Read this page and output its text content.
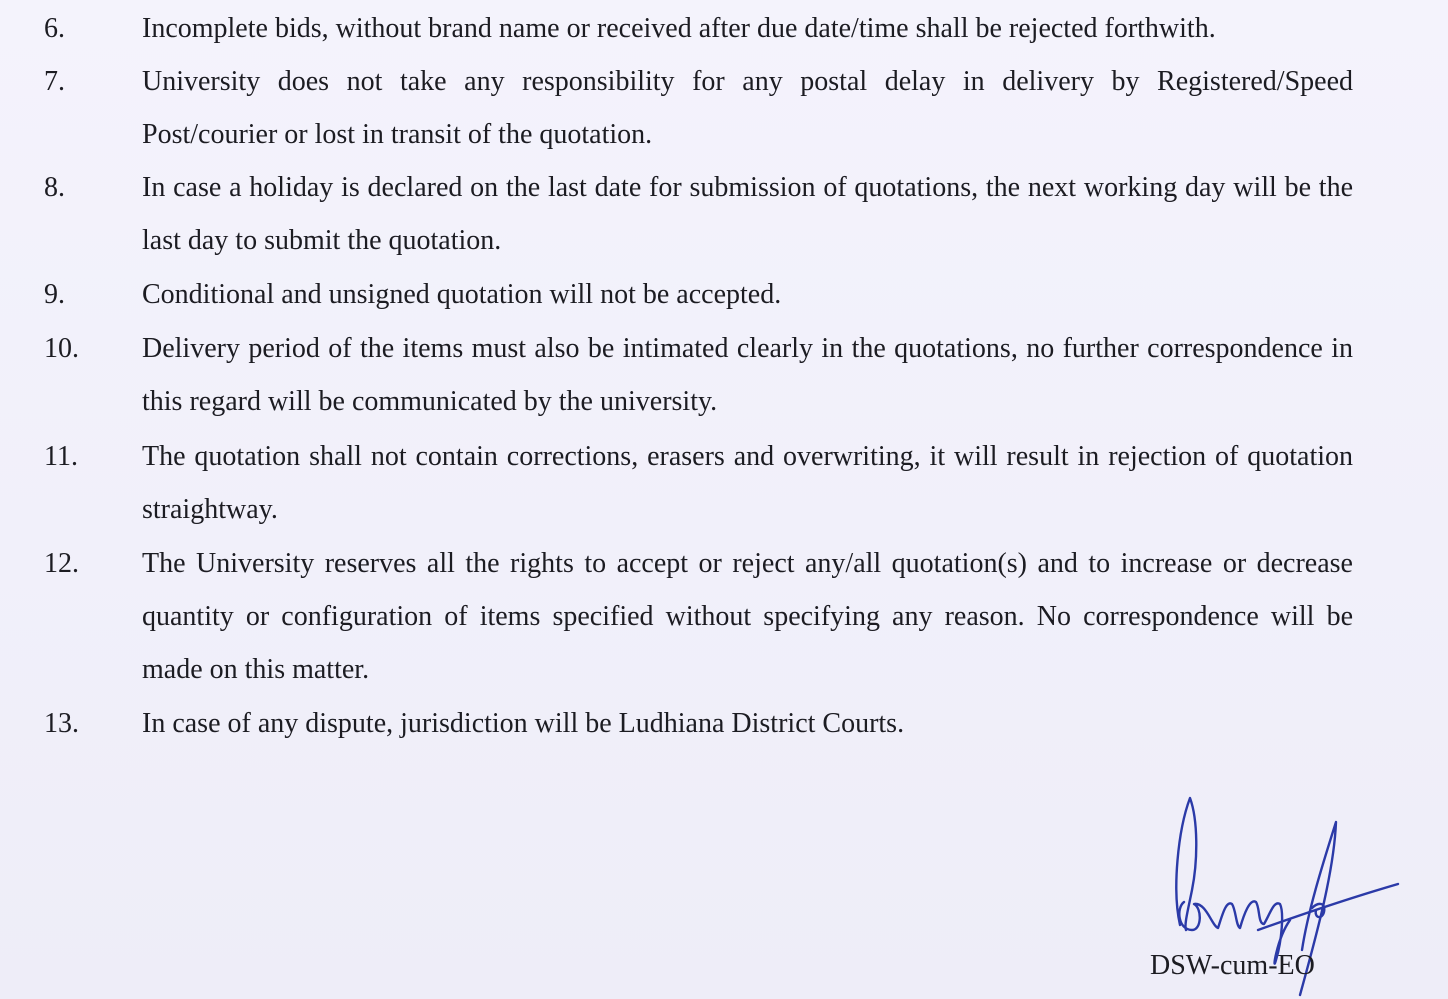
6.	Incomplete bids, without brand name or received after due date/time shall be rejected forthwith.
7.	University does not take any responsibility for any postal delay in delivery by Registered/Speed Post/courier or lost in transit of the quotation.
8.	In case a holiday is declared on the last date for submission of quotations, the next working day will be the last day to submit the quotation.
9.	Conditional and unsigned quotation will not be accepted.
10. Delivery period of the items must also be intimated clearly in the quotations, no further correspondence in this regard will be communicated by the university.
11. The quotation shall not contain corrections, erasers and overwriting, it will result in rejection of quotation straightway.
12. The University reserves all the rights to accept or reject any/all quotation(s) and to increase or decrease quantity or configuration of items specified without specifying any reason. No correspondence will be made on this matter.
13. In case of any dispute, jurisdiction will be Ludhiana District Courts.
DSW-cum-EO
